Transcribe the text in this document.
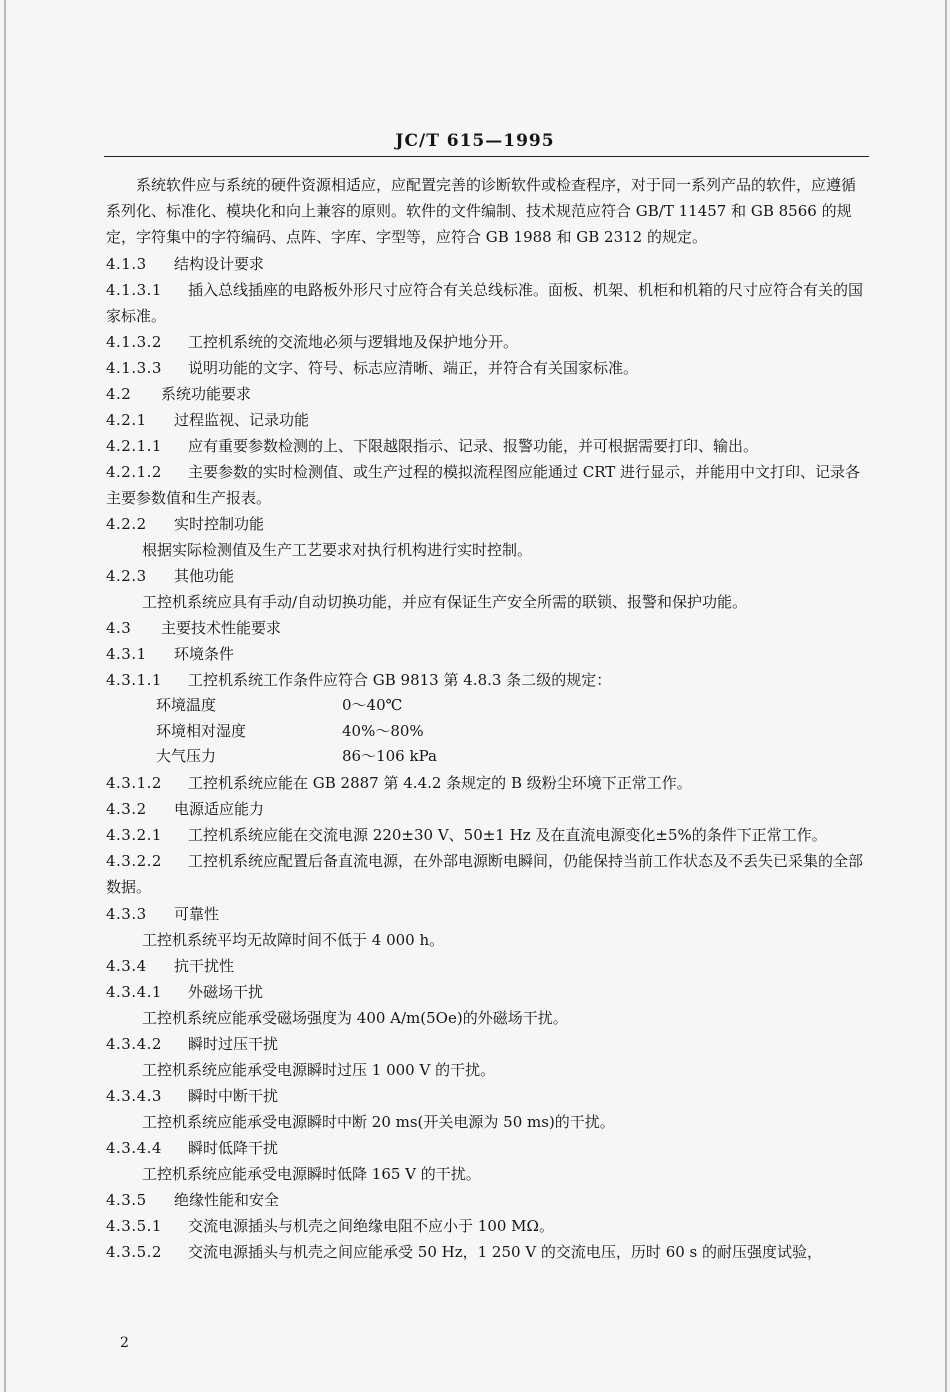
JC/T 615—1995

系统软件应与系统的硬件资源相适应，应配置完善的诊断软件或检查程序，对于同一系列产品的软件，应遵循系列化、标准化、模块化和向上兼容的原则。软件的文件编制、技术规范应符合 GB/T 11457 和 GB 8566 的规定，字符集中的字符编码、点阵、字库、字型等，应符合 GB 1988 和 GB 2312 的规定。

4.1.3 结构设计要求

4.1.3.1 插入总线插座的电路板外形尺寸应符合有关总线标准。面板、机架、机柜和机箱的尺寸应符合有关的国家标准。

4.1.3.2 工控机系统的交流地必须与逻辑地及保护地分开。

4.1.3.3 说明功能的文字、符号、标志应清晰、端正，并符合有关国家标准。

4.2 系统功能要求

4.2.1 过程监视、记录功能

4.2.1.1 应有重要参数检测的上、下限越限指示、记录、报警功能，并可根据需要打印、输出。

4.2.1.2 主要参数的实时检测值、或生产过程的模拟流程图应能通过 CRT 进行显示，并能用中文打印、记录各主要参数值和生产报表。

4.2.2 实时控制功能

根据实际检测值及生产工艺要求对执行机构进行实时控制。

4.2.3 其他功能

工控机系统应具有手动/自动切换功能，并应有保证生产安全所需的联锁、报警和保护功能。

4.3 主要技术性能要求

4.3.1 环境条件

4.3.1.1 工控机系统工作条件应符合 GB 9813 第 4.8.3 条二级的规定：

环境温度	0～40℃

环境相对湿度	40%～80%

大气压力	86～106 kPa

4.3.1.2 工控机系统应能在 GB 2887 第 4.4.2 条规定的 B 级粉尘环境下正常工作。

4.3.2 电源适应能力

4.3.2.1 工控机系统应能在交流电源 220±30 V、50±1 Hz 及在直流电源变化±5%的条件下正常工作。

4.3.2.2 工控机系统应配置后备直流电源，在外部电源断电瞬间，仍能保持当前工作状态及不丢失已采集的全部数据。

4.3.3 可靠性

工控机系统平均无故障时间不低于 4 000 h。

4.3.4 抗干扰性

4.3.4.1 外磁场干扰

工控机系统应能承受磁场强度为 400 A/m(5Oe)的外磁场干扰。

4.3.4.2 瞬时过压干扰

工控机系统应能承受电源瞬时过压 1 000 V 的干扰。

4.3.4.3 瞬时中断干扰

工控机系统应能承受电源瞬时中断 20 ms(开关电源为 50 ms)的干扰。

4.3.4.4 瞬时低降干扰

工控机系统应能承受电源瞬时低降 165 V 的干扰。

4.3.5 绝缘性能和安全

4.3.5.1 交流电源插头与机壳之间绝缘电阻不应小于 100 MΩ。

4.3.5.2 交流电源插头与机壳之间应能承受 50 Hz，1 250 V 的交流电压，历时 60 s 的耐压强度试验，

2
